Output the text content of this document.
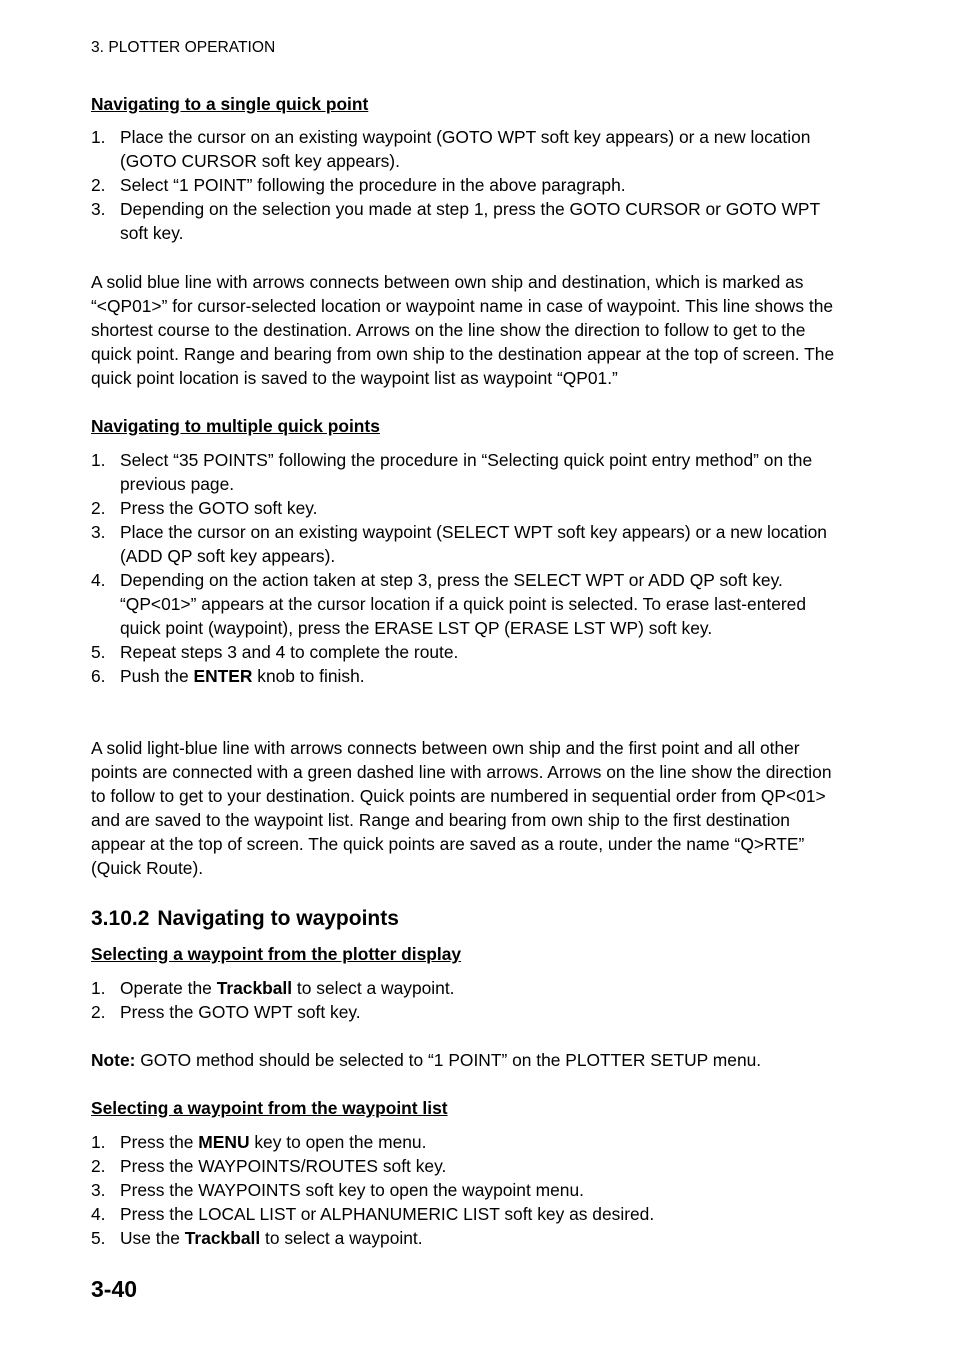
3. PLOTTER OPERATION
Navigating to a single quick point
1. Place the cursor on an existing waypoint (GOTO WPT soft key appears) or a new location (GOTO CURSOR soft key appears).
2. Select “1 POINT” following the procedure in the above paragraph.
3. Depending on the selection you made at step 1, press the GOTO CURSOR or GOTO WPT soft key.

A solid blue line with arrows connects between own ship and destination, which is marked as “<QP01>” for cursor-selected location or waypoint name in case of waypoint. This line shows the shortest course to the destination. Arrows on the line show the direction to follow to get to the quick point. Range and bearing from own ship to the destination appear at the top of screen. The quick point location is saved to the waypoint list as waypoint “QP01.”

Navigating to multiple quick points
1. Select “35 POINTS” following the procedure in “Selecting quick point entry method” on the previous page.
2. Press the GOTO soft key.
3. Place the cursor on an existing waypoint (SELECT WPT soft key appears) or a new location (ADD QP soft key appears).
4. Depending on the action taken at step 3, press the SELECT WPT or ADD QP soft key. “QP<01>” appears at the cursor location if a quick point is selected. To erase last-entered quick point (waypoint), press the ERASE LST QP (ERASE LST WP) soft key.
5. Repeat steps 3 and 4 to complete the route.
6. Push the ENTER knob to finish.

A solid light-blue line with arrows connects between own ship and the first point and all other points are connected with a green dashed line with arrows. Arrows on the line show the direction to follow to get to your destination. Quick points are numbered in sequential order from QP<01> and are saved to the waypoint list. Range and bearing from own ship to the first destination appear at the top of screen. The quick points are saved as a route, under the name “Q>RTE” (Quick Route).

3.10.2 Navigating to waypoints
Selecting a waypoint from the plotter display
1. Operate the Trackball to select a waypoint.
2. Press the GOTO WPT soft key.

Note: GOTO method should be selected to “1 POINT” on the PLOTTER SETUP menu.

Selecting a waypoint from the waypoint list
1. Press the MENU key to open the menu.
2. Press the WAYPOINTS/ROUTES soft key.
3. Press the WAYPOINTS soft key to open the waypoint menu.
4. Press the LOCAL LIST or ALPHANUMERIC LIST soft key as desired.
5. Use the Trackball to select a waypoint.
3-40
